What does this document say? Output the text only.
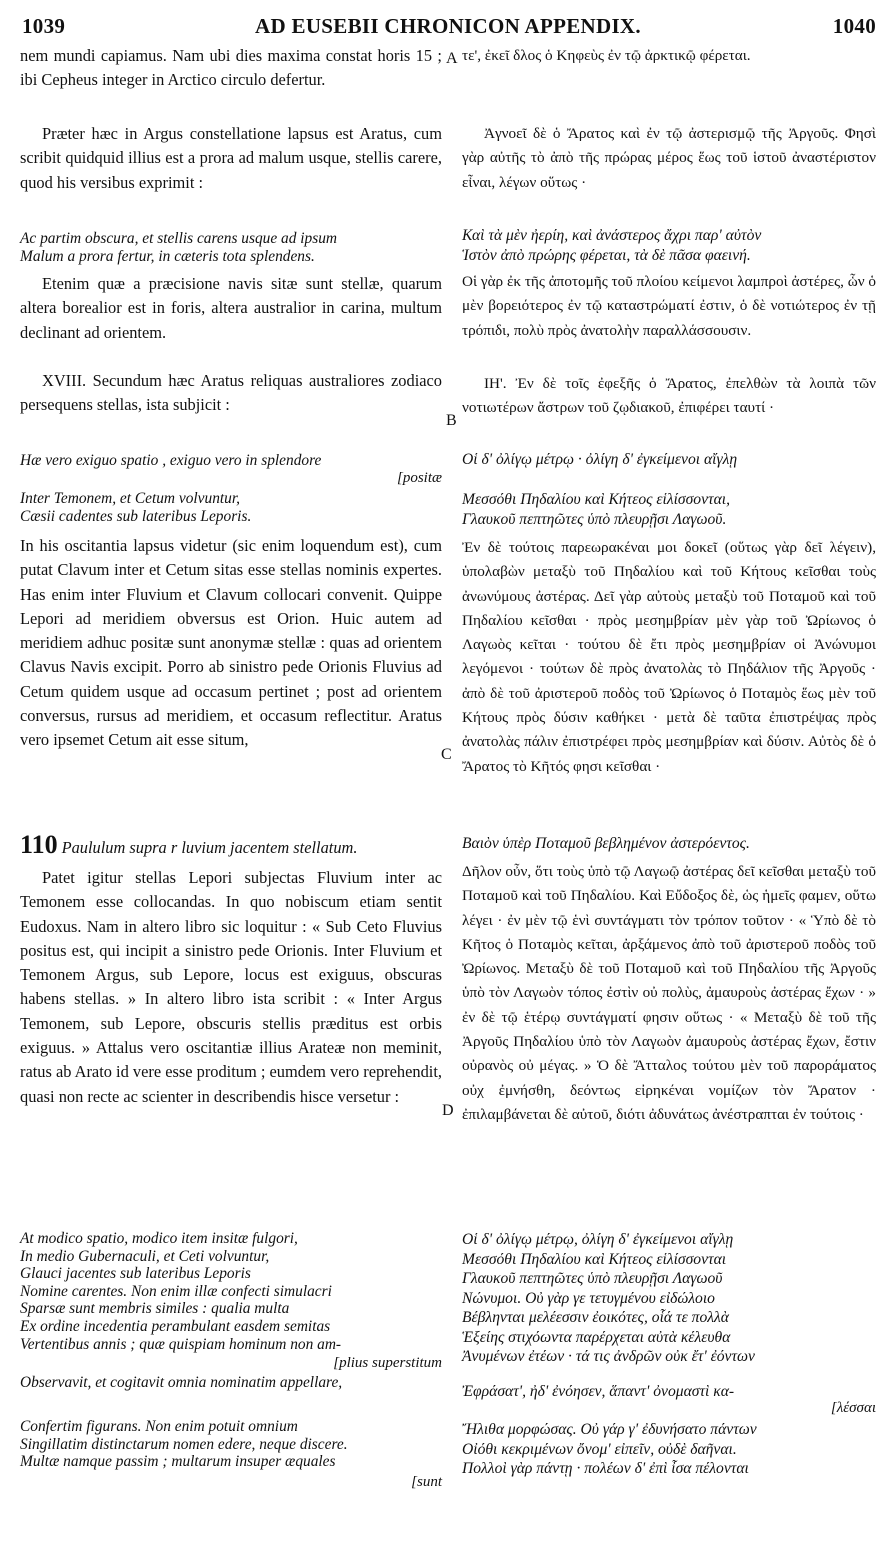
1039	AD EUSEBII CHRONICON APPENDIX.	1040
A
B
C
D

nem mundi capiamus. Nam ubi dies maxima constat horis 15 ; ibi Cepheus integer in Arctico circulo defertur.

Præter hæc in Argus constellatione lapsus est Aratus, cum scribit quidquid illius est a prora ad malum usque, stellis carere, quod his versibus exprimit :

Ac partim obscura, et stellis carens usque ad ipsum
Malum a prora fertur, in cæteris tota splendens.

Etenim quæ a præcisione navis sitæ sunt stellæ, quarum altera borealior est in foris, altera australior in carina, multum declinant ad orientem.

XVIII. Secundum hæc Aratus reliquas australiores zodiaco persequens stellas, ista subjicit :

Hæ vero exiguo spatio , exiguo vero in splendore

[positæ

Inter Temonem, et Cetum volvuntur,
Cæsii cadentes sub lateribus Leporis.

In his oscitantia lapsus videtur (sic enim loquendum est), cum putat Clavum inter et Cetum sitas esse stellas nominis expertes. Has enim inter Fluvium et Clavum collocari convenit. Quippe Lepori ad meridiem obversus est Orion. Huic autem ad meridiem adhuc positæ sunt anonymæ stellæ : quas ad orientem Clavus Navis excipit. Porro ab sinistro pede Orionis Fluvius ad Cetum quidem usque ad occasum pertinet ; post ad orientem conversus, rursus ad meridiem, et occasum reflectitur. Aratus vero ipsemet Cetum ait esse situm,

110 Paululum supra r luvium jacentem stellatum.

Patet igitur stellas Lepori subjectas Fluvium inter ac Temonem esse collocandas. In quo nobiscum etiam sentit Eudoxus. Nam in altero libro sic loquitur : « Sub Ceto Fluvius positus est, qui incipit a sinistro pede Orionis. Inter Fluvium et Temonem Argus, sub Lepore, locus est exiguus, obscuras habens stellas. » In altero libro ista scribit : « Inter Argus Temonem, sub Lepore, obscuris stellis præditus est orbis exiguus. » Attalus vero oscitantiæ illius Arateæ non meminit, ratus ab Arato id vere esse proditum ; eumdem vero reprehendit, quasi non recte ac scienter in describendis hisce versetur :

At modico spatio, modico item insitæ fulgori,
In medio Gubernaculi, et Ceti volvuntur,
Glauci jacentes sub lateribus Leporis
Nomine carentes. Non enim illæ confecti simulacri
Sparsæ sunt membris similes : qualia multa
Ex ordine incedentia perambulant easdem semitas
Vertentibus annis ; quæ quispiam hominum non am-

[plius superstitum

Observavit, et cogitavit omnia nominatim appellare,

Confertim figurans. Non enim potuit omnium
Singillatim distinctarum nomen edere, neque discere.
Multæ namque passim ; multarum insuper æquales

[sunt

τε', ἐκεῖ δλος ὁ Κηφεὺς ἐν τῷ ἀρκτικῷ φέρεται.

Ἀγνοεῖ δὲ ὁ Ἄρατος καὶ ἐν τῷ ἀστερισμῷ τῆς Ἀργοῦς. Φησὶ γὰρ αὐτῆς τὸ ἀπὸ τῆς πρώρας μέρος ἕως τοῦ ἱστοῦ ἀναστέριστον εἶναι, λέγων οὕτως ·

Καὶ τὰ μὲν ἠερίη, καὶ ἀνάστερος ἄχρι παρ' αὐτὸν
Ἱστὸν ἀπὸ πρώρης φέρεται, τὰ δὲ πᾶσα φαεινή.

Οἱ γὰρ ἐκ τῆς ἀποτομῆς τοῦ πλοίου κείμενοι λαμπροὶ ἀστέρες, ὧν ὁ μὲν βορειότερος ἐν τῷ καταστρώματί ἐστιν, ὁ δὲ νοτιώτερος ἐν τῇ τρόπιδι, πολὺ πρὸς ἀνατολὴν παραλλάσσουσιν.

ΙΗ'. Ἐν δὲ τοῖς ἐφεξῆς ὁ Ἄρατος, ἐπελθὼν τὰ λοιπὰ τῶν νοτιωτέρων ἄστρων τοῦ ζῳδιακοῦ, ἐπιφέρει ταυτί ·

Οἱ δ' ὀλίγῳ μέτρῳ · ὀλίγη δ' ἐγκείμενοι αἴγλῃ

Μεσσόθι Πηδαλίου καὶ Κήτεος εἱλίσσονται,
Γλαυκοῦ πεπτηῶτες ὑπὸ πλευρῇσι Λαγωοῦ.

Ἐν δὲ τούτοις παρεωρακέναι μοι δοκεῖ (οὕτως γὰρ δεῖ λέγειν), ὑπολαβὼν μεταξὺ τοῦ Πηδαλίου καὶ τοῦ Κήτους κεῖσθαι τοὺς ἀνωνύμους ἀστέρας. Δεῖ γὰρ αὐτοὺς μεταξὺ τοῦ Ποταμοῦ καὶ τοῦ Πηδαλίου κεῖσθαι · πρὸς μεσημβρίαν μὲν γὰρ τοῦ Ὠρίωνος ὁ Λαγωὸς κεῖται · τούτου δὲ ἔτι πρὸς μεσημβρίαν οἱ Ἀνώνυμοι λεγόμενοι · τούτων δὲ πρὸς ἀνατολὰς τὸ Πηδάλιον τῆς Ἀργοῦς · ἀπὸ δὲ τοῦ ἀριστεροῦ ποδὸς τοῦ Ὠρίωνος ὁ Ποταμὸς ἕως μὲν τοῦ Κήτους πρὸς δύσιν καθήκει · μετὰ δὲ ταῦτα ἐπιστρέψας πρὸς ἀνατολὰς πάλιν ἐπιστρέφει πρὸς μεσημβρίαν καὶ δύσιν. Αὐτὸς δὲ ὁ Ἄρατος τὸ Κῆτός φησι κεῖσθαι ·

Βαιὸν ὑπὲρ Ποταμοῦ βεβλημένον ἀστερόεντος.

Δῆλον οὖν, ὅτι τοὺς ὑπὸ τῷ Λαγωῷ ἀστέρας δεῖ κεῖσθαι μεταξὺ τοῦ Ποταμοῦ καὶ τοῦ Πηδαλίου. Καὶ Εὔδοξος δὲ, ὡς ἡμεῖς φαμεν, οὕτω λέγει · ἐν μὲν τῷ ἑνὶ συντάγματι τὸν τρόπον τοῦτον · « Ὑπὸ δὲ τὸ Κῆτος ὁ Ποταμὸς κεῖται, ἀρξάμενος ἀπὸ τοῦ ἀριστεροῦ ποδὸς τοῦ Ὠρίωνος. Μεταξὺ δὲ τοῦ Ποταμοῦ καὶ τοῦ Πηδαλίου τῆς Ἀργοῦς ὑπὸ τὸν Λαγωὸν τόπος ἐστὶν οὐ πολὺς, ἀμαυροὺς ἀστέρας ἔχων · » ἐν δὲ τῷ ἑτέρῳ συντάγματί φησιν οὕτως · « Μεταξὺ δὲ τοῦ τῆς Ἀργοῦς Πηδαλίου ὑπὸ τὸν Λαγωὸν ἀμαυροὺς ἀστέρας ἔχων, ἔστιν οὐρανὸς οὐ μέγας. » Ὁ δὲ Ἄτταλος τούτου μὲν τοῦ παροράματος οὐχ ἐμνήσθη, δεόντως εἰρηκέναι νομίζων τὸν Ἄρατον · ἐπιλαμβάνεται δὲ αὐτοῦ, διότι ἀδυνάτως ἀνέστραπται ἐν τούτοις ·

Οἱ δ' ὀλίγῳ μέτρῳ, ὀλίγη δ' ἐγκείμενοι αἴγλῃ
Μεσσόθι Πηδαλίου καὶ Κήτεος εἱλίσσονται
Γλαυκοῦ πεπτηῶτες ὑπὸ πλευρῇσι Λαγωοῦ
Νώνυμοι. Οὐ γὰρ γε τετυγμένου εἰδώλοιο
Βέβληνται μελέεσσιν ἐοικότες, οἷά τε πολλὰ
Ἑξείης στιχόωντα παρέρχεται αὐτὰ κέλευθα
Ἀνυμένων ἐτέων · τά τις ἀνδρῶν οὐκ ἔτ' ἐόντων

Ἐφράσατ', ἠδ' ἐνόησεν, ἅπαντ' ὀνομαστὶ κα-

[λέσσαι

Ἤλιθα μορφώσας. Οὐ γάρ γ' ἐδυνήσατο πάντων
Οἰόθι κεκριμένων ὄνομ' εἰπεῖν, οὐδὲ δαῆναι.
Πολλοὶ γὰρ πάντῃ · πολέων δ' ἐπὶ ἶσα πέλονται
